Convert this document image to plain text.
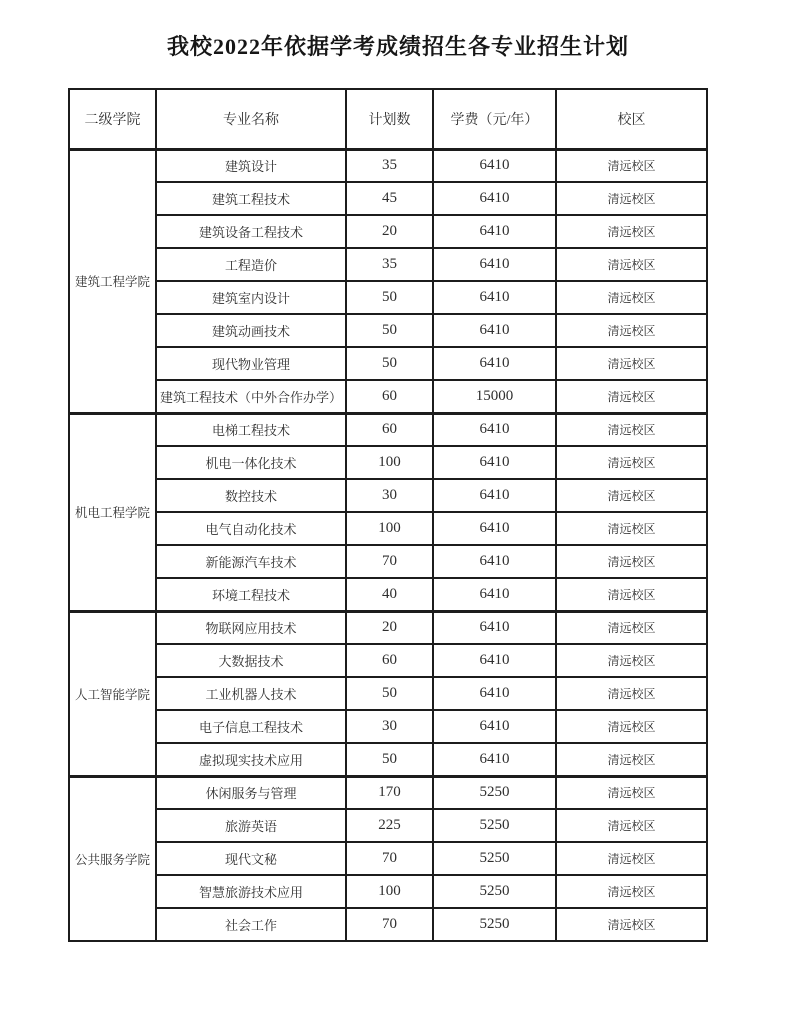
我校2022年依据学考成绩招生各专业招生计划
二级学院	专业名称	计划数	学费（元/年）	校区
建筑工程学院	建筑设计	35	6410	清远校区
	建筑工程技术	45	6410	清远校区
	建筑设备工程技术	20	6410	清远校区
	工程造价	35	6410	清远校区
	建筑室内设计	50	6410	清远校区
	建筑动画技术	50	6410	清远校区
	现代物业管理	50	6410	清远校区
	建筑工程技术（中外合作办学）	60	15000	清远校区
机电工程学院	电梯工程技术	60	6410	清远校区
	机电一体化技术	100	6410	清远校区
	数控技术	30	6410	清远校区
	电气自动化技术	100	6410	清远校区
	新能源汽车技术	70	6410	清远校区
	环境工程技术	40	6410	清远校区
人工智能学院	物联网应用技术	20	6410	清远校区
	大数据技术	60	6410	清远校区
	工业机器人技术	50	6410	清远校区
	电子信息工程技术	30	6410	清远校区
	虚拟现实技术应用	50	6410	清远校区
公共服务学院	休闲服务与管理	170	5250	清远校区
	旅游英语	225	5250	清远校区
	现代文秘	70	5250	清远校区
	智慧旅游技术应用	100	5250	清远校区
	社会工作	70	5250	清远校区
